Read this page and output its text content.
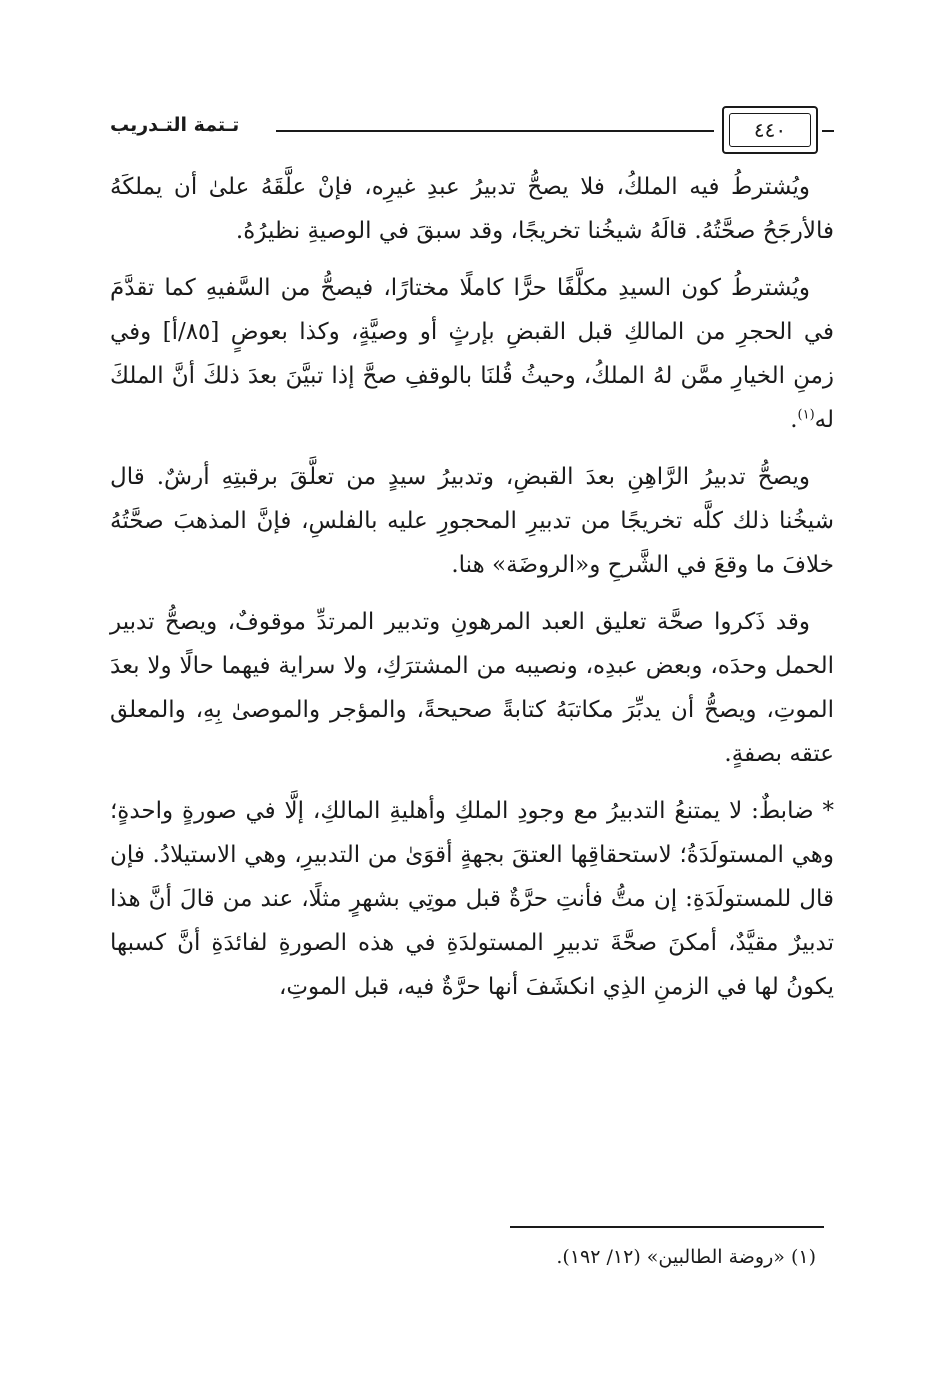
تـتمة التـدريب	٤٤٠

ويُشترطُ فيه الملكُ، فلا يصحُّ تدبيرُ عبدِ غيرِه، فإنْ علَّقَهُ علىٰ أن يملكَهُ فالأرجَحُ صحَّتُهُ. قالَهُ شيخُنا تخريجًا، وقد سبقَ في الوصيةِ نظيرُهُ.

ويُشترطُ كون السيدِ مكلَّفًا حرًّا كاملًا مختارًا، فيصحُّ من السَّفيهِ كما تقدَّمَ في الحجرِ من المالكِ قبل القبضِ بإرثٍ أو وصيَّةٍ، وكذا بعوضٍ [٨٥/أ] وفي زمنِ الخيارِ ممَّن لهُ الملكُ، وحيثُ قُلنَا بالوقفِ صحَّ إذا تبيَّنَ بعدَ ذلكَ أنَّ الملكَ له$^{(١)}$.

ويصحُّ تدبيرُ الرَّاهِنِ بعدَ القبضِ، وتدبيرُ سيدٍ من تعلَّقَ برقبتِهِ أرشٌ. قال شيخُنا ذلك كلَّه تخريجًا من تدبيرِ المحجورِ عليه بالفلسِ، فإنَّ المذهبَ صحَّتُهُ خلافَ ما وقعَ في الشَّرحِ و«الروضَة» هنا.

وقد ذَكروا صحَّة تعليق العبد المرهونِ وتدبير المرتدِّ موقوفٌ، ويصحُّ تدبير الحمل وحدَه، وبعض عبدِه، ونصيبه من المشترَكِ، ولا سراية فيهما حالًا ولا بعدَ الموتِ، ويصحُّ أن يدبِّرَ مكاتبَهُ كتابةً صحيحةً، والمؤجر والموصىٰ بِهِ، والمعلق عتقه بصفةٍ.

* ضابطٌ: لا يمتنعُ التدبيرُ مع وجودِ الملكِ وأهليةِ المالكِ، إلَّا في صورةٍ واحدةٍ؛ وهي المستولَدَةُ؛ لاستحقاقِها العتقَ بجهةٍ أقوَىٰ من التدبيرِ، وهي الاستيلادُ. فإن قال للمستولَدَةِ: إن متُّ فأنتِ حرَّةٌ قبل موتِي بشهرٍ مثلًا، عند من قالَ أنَّ هذا تدبيرٌ مقيَّدٌ، أمكنَ صحَّةَ تدبيرِ المستولدَةِ في هذه الصورةِ لفائدَةِ أنَّ كسبها يكونُ لها في الزمنِ الذِي انكشَفَ أنها حرَّةٌ فيه، قبل الموتِ،

(١) «روضة الطالبين» (١٢/ ١٩٢).
